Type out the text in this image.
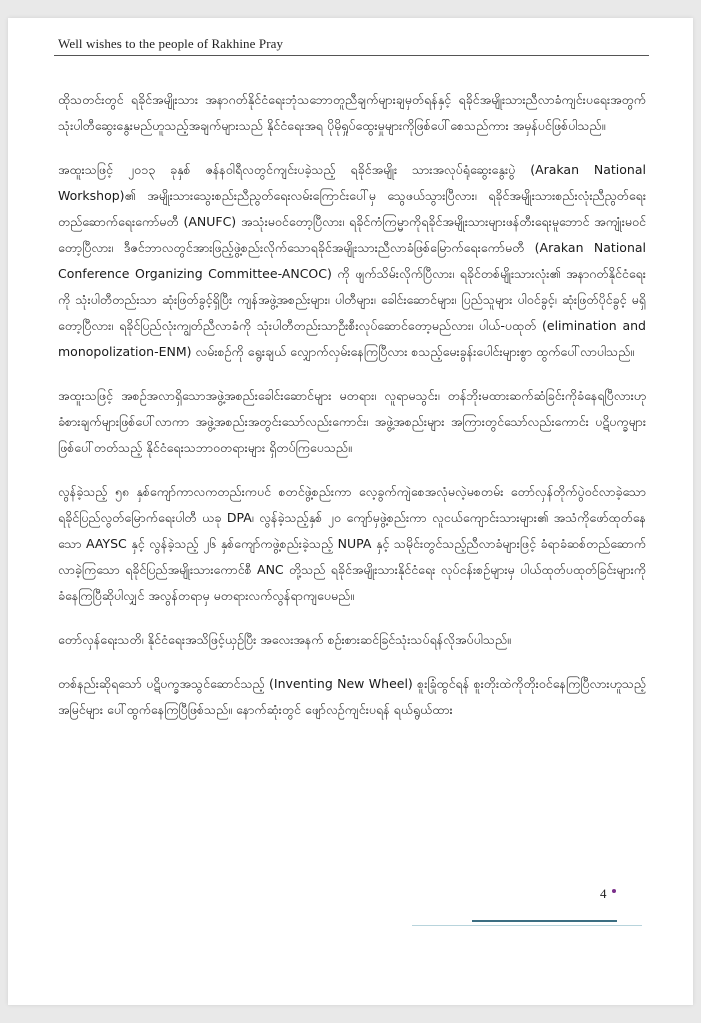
Well wishes to the people of Rakhine Pray

ထိုသတင်းတွင် ရခိုင်အမျိုးသား အနာဂတ်နိုင်ငံရေးဘုံသဘောတူညီချက်များချမှတ်ရန်နှင့် ရခိုင်အမျိုးသားညီလာခံကျင်းပရေးအတွက် သုံးပါတီဆွေးနွေးမည်ဟူသည့်အချက်များသည် နိုင်ငံရေးအရ ပိုမိုရှုပ်ထွေးမှုများကိုဖြစ်ပေါ်စေသည်ကား အမှန်ပင်ဖြစ်ပါသည်။

အထူးသဖြင့် ၂၀၁၃ ခုနှစ် ဇန်နဝါရီလတွင်ကျင်းပခဲ့သည့် ရခိုင်အမျိုး သားအလုပ်ရုံဆွေးနွေးပွဲ (Arakan National Workshop)၏ အမျိုးသားသွေးစည်းညီညွတ်ရေးလမ်းကြောင်းပေါ်မှ သွေဖယ်သွားပြီလား၊ ရခိုင်အမျိုးသားစည်းလုံးညီညွတ်ရေးတည်ဆောက်ရေးကော်မတီ (ANUFC) အသုံးမဝင်တော့ပြီလား၊ ရခိုင်ကံကြမ္မာကိုရခိုင်အမျိုးသားများဖန်တီးရေးမူဘောင် အကျုံးမဝင်တော့ပြီလား၊ ဒီဇင်ဘာလတွင်အားဖြည့်ဖွဲ့စည်းလိုက်သောရခိုင်အမျိုးသားညီလာခံဖြစ်မြောက်ရေးကော်မတီ (Arakan National Conference Organizing Committee-ANCOC) ကို ဖျက်သိမ်းလိုက်ပြီလား၊ ရခိုင်တစ်မျိုးသားလုံး၏ အနာဂတ်နိုင်ငံရေးကို သုံးပါတီတည်းသာ ဆုံးဖြတ်ခွင့်ရှိပြီး ကျန်အဖွဲ့အစည်းများ၊ ပါတီများ၊ ခေါင်းဆောင်များ၊ ပြည်သူများ ပါဝင်ခွင့်၊ ဆုံးဖြတ်ပိုင်ခွင့် မရှိတော့ပြီလား၊ ရခိုင်ပြည်လုံးကျွတ်ညီလာခံကို သုံးပါတီတည်းသာဦးစီးလုပ်ဆောင်တော့မည်လား၊ ပါယ်-ပထုတ် (elimination and monopolization-ENM) လမ်းစဉ်ကို ရွေးချယ် လျှောက်လှမ်းနေကြပြီလား စသည့်မေးခွန်းပေါင်းများစွာ ထွက်ပေါ်လာပါသည်။

အထူးသဖြင့် အစဉ်အလာရှိသောအဖွဲ့အစည်းခေါင်းဆောင်များ မတရား၊ လူရာမသွင်း၊ တန်ဘိုးမထားဆက်ဆံခြင်းကိုခံနေရပြီလားဟု ခံစားချက်များဖြစ်ပေါ်လာကာ အဖွဲ့အစည်းအတွင်းသော်လည်းကောင်း၊ အဖွဲ့အစည်းများ အကြားတွင်သော်လည်းကောင်း ပဋိပက္ခများဖြစ်ပေါ်တတ်သည့် နိုင်ငံရေးသဘာဝတရားများ ရှိတပ်ကြပေသည်။

လွန်ခဲ့သည့် ၅၈ နှစ်ကျော်ကာလကတည်းကပင် စတင်ဖွဲ့စည်းကာ လေ့ခွက်ကျဲစေအလုံမလဲ့မစတမ်း တော်လှန်တိုက်ပွဲဝင်လာခဲ့သော ရခိုင်ပြည်လွတ်မြောက်ရေးပါတီ ယခု DPA၊ လွန်ခဲ့သည့်နှစ် ၂၀ ကျော်မှဖွဲ့စည်းကာ လူငယ်ကျောင်းသားများ၏ အသံကိုဖော်ထုတ်နေသော AAYSC နှင့် လွန်ခဲ့သည့် ၂၆ နှစ်ကျော်ကဖွဲ့စည်းခဲ့သည့် NUPA နှင့် သမိုင်းတွင်သည့်ညီလာခံများဖြင့် ခံရာခံဆစ်တည်ဆောက်လာခဲ့ကြသော ရခိုင်ပြည်အမျိုးသားကောင်စီ ANC တို့သည် ရခိုင်အမျိုးသားနိုင်ငံရေး လုပ်ငန်းစဉ်များမှ ပါယ်ထုတ်ပထုတ်ခြင်းများကို ခံနေကြပြီဆိုပါလျှင် အလွန်တရာမှ မတရားလက်လွန်ရာကျပေမည်။

တော်လှန်ရေးသတိ၊ နိုင်ငံရေးအသိဖြင့်ယှဉ်ပြီး အလေးအနက် စဉ်းစားဆင်ခြင်သုံးသပ်ရန်လိုအပ်ပါသည်။

တစ်နည်းဆိုရသော် ပဋိပက္ခအသွင်ဆောင်သည့် (Inventing New Wheel) စူးခြုံထွင်ရန် စူးတိုးထဲကိုတိုးဝင်နေကြပြီလားဟူသည့် အမြင်များ ပေါ်ထွက်နေကြပြီဖြစ်သည်။ နောက်ဆုံးတွင် ဖျော်လဉ်ကျင်းပရန် ရယ်ရွယ်ထား

4
